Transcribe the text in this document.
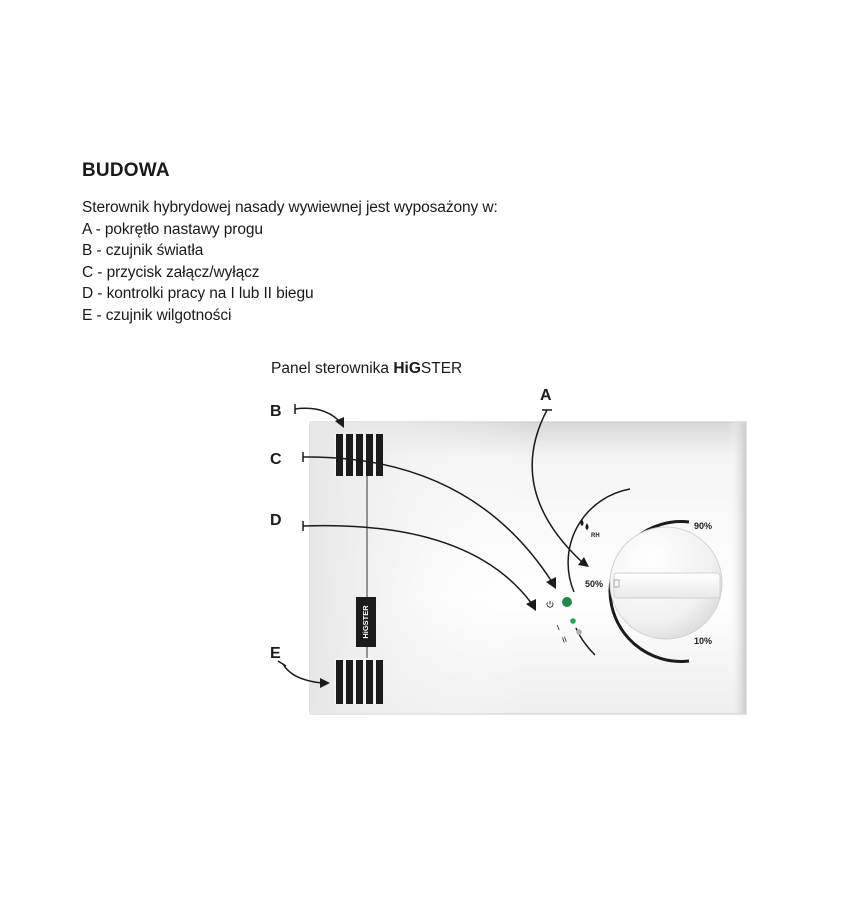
BUDOWA
Sterownik hybrydowej nasady wywiewnej jest wyposażony w:
A - pokrętło nastawy progu
B - czujnik światła
C - przycisk załącz/wyłącz
D - kontrolki pracy na I lub II biegu
E - czujnik wilgotności
Panel sterownika HiGSTER
HiGSTER
90%
50%
10%
RH
I
II
B
C
D
E
A
